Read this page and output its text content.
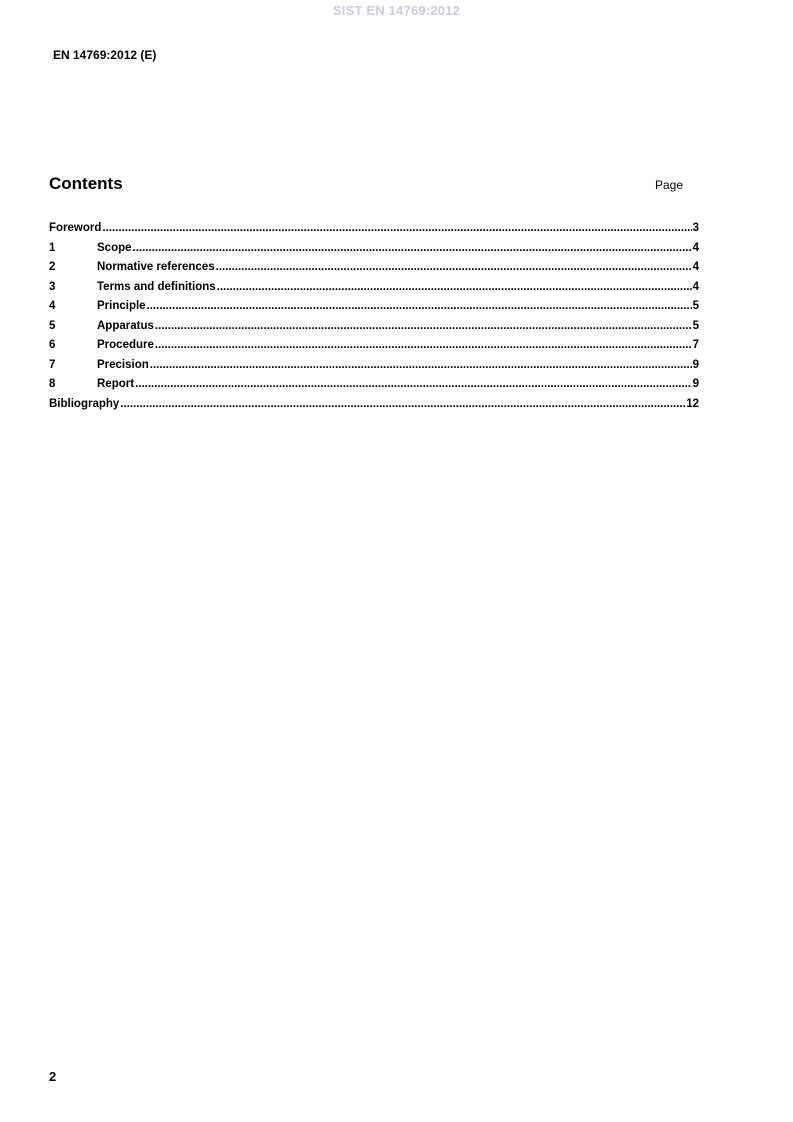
SIST EN 14769:2012
EN 14769:2012 (E)
Contents	Page
Foreword .....	3
1	Scope .....	4
2	Normative references .....	4
3	Terms and definitions .....	4
4	Principle .....	5
5	Apparatus .....	5
6	Procedure .....	7
7	Precision .....	9
8	Report .....	9
Bibliography .....	12
2
